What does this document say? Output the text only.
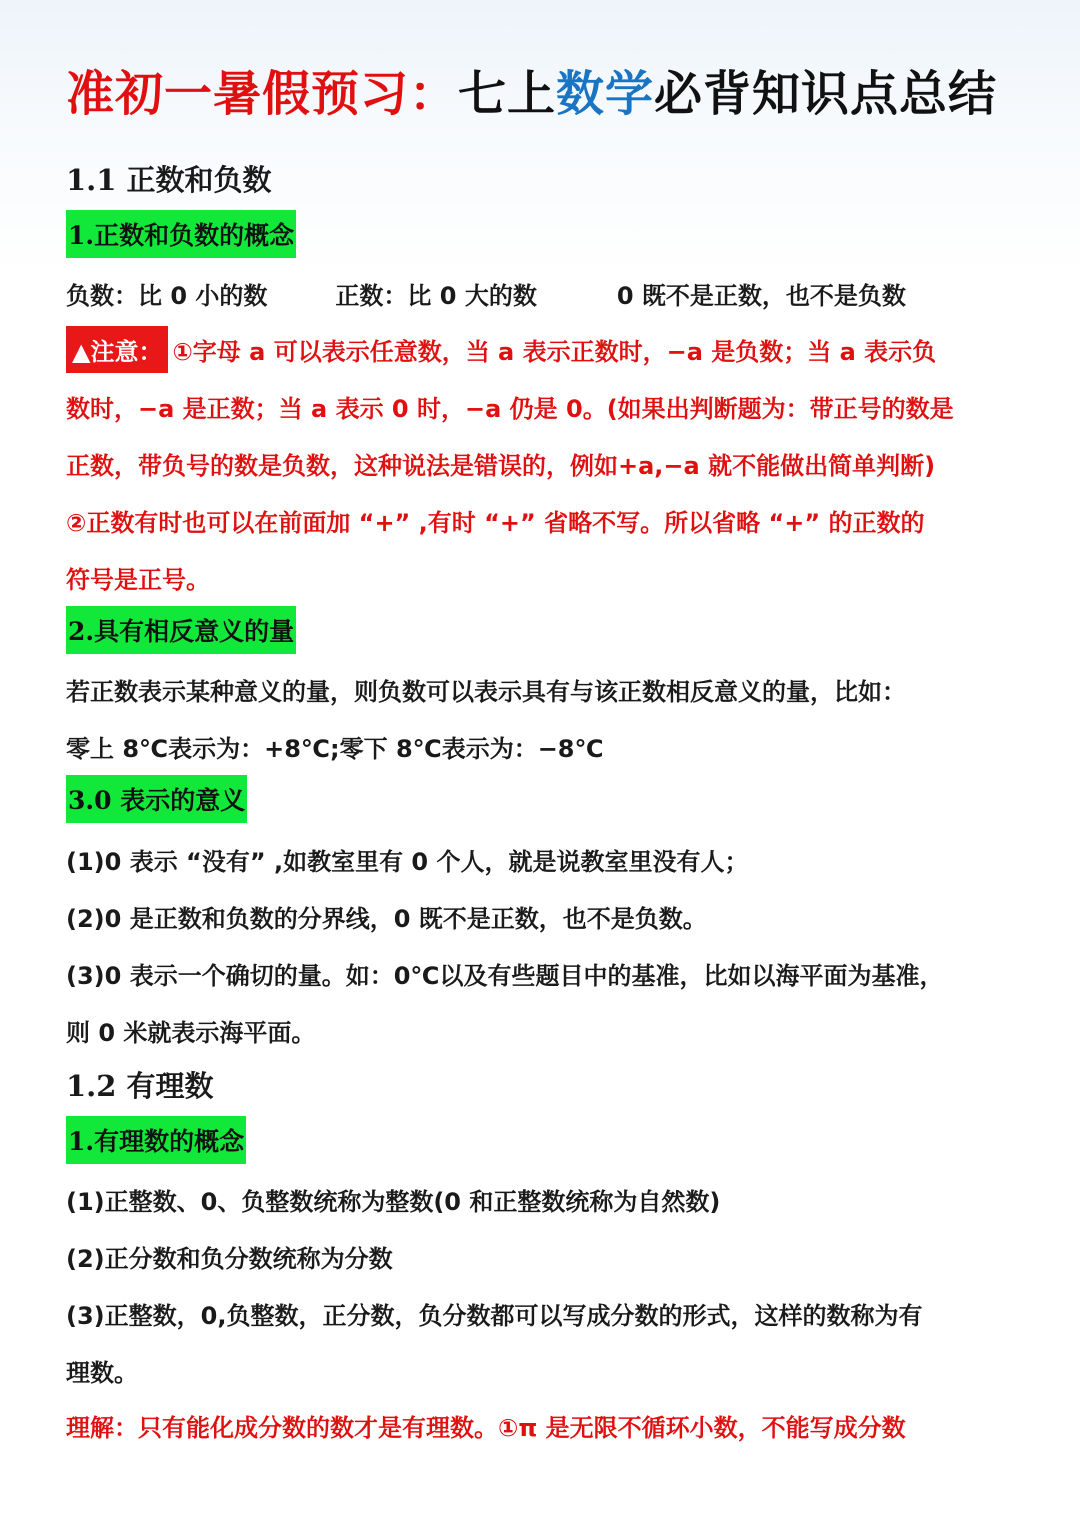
准初一暑假预习：七上数学必背知识点总结
1.1 正数和负数
1.正数和负数的概念
负数：比 0 小的数	正数：比 0 大的数	0 既不是正数，也不是负数
▲注意： ①字母 a 可以表示任意数，当 a 表示正数时，−a 是负数；当 a 表示负
数时，−a 是正数；当 a 表示 0 时，−a 仍是 0。(如果出判断题为：带正号的数是
正数，带负号的数是负数，这种说法是错误的，例如+a,−a 就不能做出简单判断)
②正数有时也可以在前面加 “+” ,有时 “+” 省略不写。所以省略 “+” 的正数的
符号是正号。
2.具有相反意义的量
若正数表示某种意义的量，则负数可以表示具有与该正数相反意义的量，比如：
零上 8℃表示为：+8℃;零下 8℃表示为：−8℃
3.0 表示的意义
(1)0 表示 “没有” ,如教室里有 0 个人，就是说教室里没有人；
(2)0 是正数和负数的分界线，0 既不是正数，也不是负数。
(3)0 表示一个确切的量。如：0℃以及有些题目中的基准，比如以海平面为基准，
则 0 米就表示海平面。
1.2 有理数
1.有理数的概念
(1)正整数、0、负整数统称为整数(0 和正整数统称为自然数)
(2)正分数和负分数统称为分数
(3)正整数，0,负整数，正分数，负分数都可以写成分数的形式，这样的数称为有
理数。
理解：只有能化成分数的数才是有理数。①π 是无限不循环小数，不能写成分数
